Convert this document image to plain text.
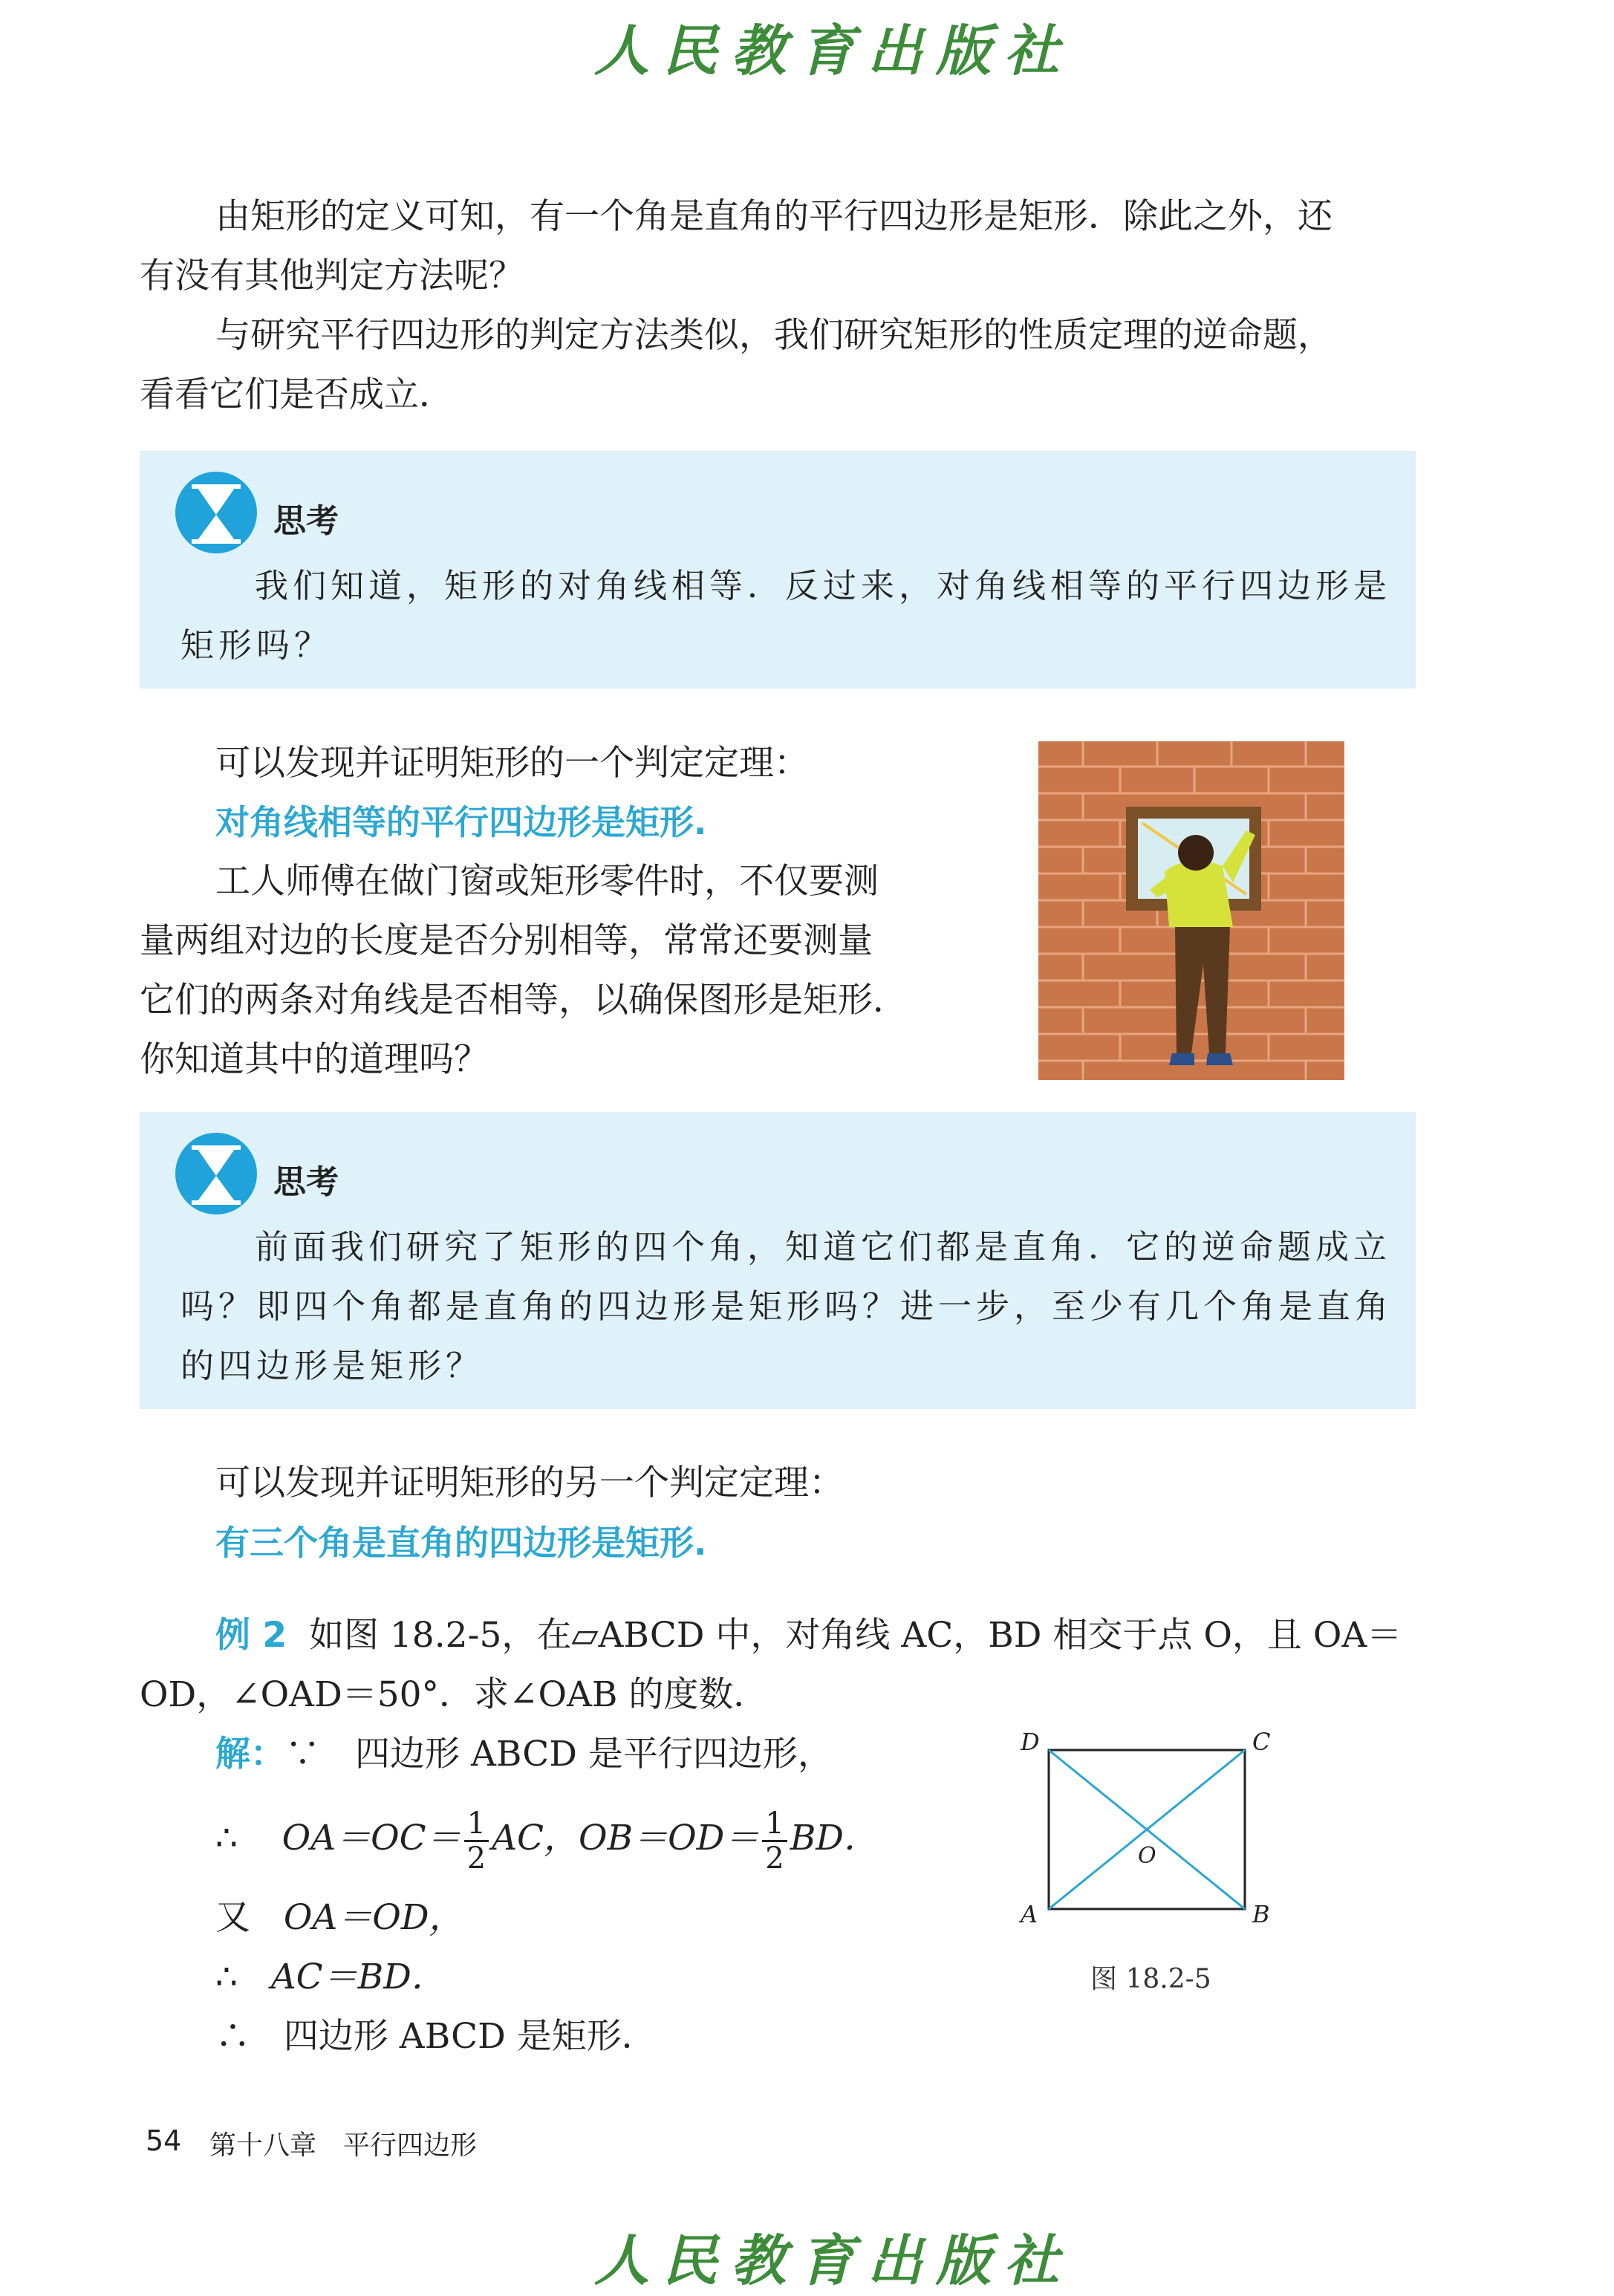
人民教育出版社
由矩形的定义可知，有一个角是直角的平行四边形是矩形．除此之外，还
有没有其他判定方法呢？
与研究平行四边形的判定方法类似，我们研究矩形的性质定理的逆命题，
看看它们是否成立．
思考
我们知道，矩形的对角线相等．反过来，对角线相等的平行四边形是
矩形吗？
可以发现并证明矩形的一个判定定理：
对角线相等的平行四边形是矩形.
工人师傅在做门窗或矩形零件时，不仅要测
量两组对边的长度是否分别相等，常常还要测量
它们的两条对角线是否相等，以确保图形是矩形．
你知道其中的道理吗？
思考
前面我们研究了矩形的四个角，知道它们都是直角．它的逆命题成立
吗？即四个角都是直角的四边形是矩形吗？进一步，至少有几个角是直角
的四边形是矩形？
可以发现并证明矩形的另一个判定定理：
有三个角是直角的四边形是矩形.
例 2 如图 18.2-5，在▱ABCD 中，对角线 AC，BD 相交于点 O，且 OA＝
OD，∠OAD＝50°．求∠OAB 的度数．
解：∵　四边形 ABCD 是平行四边形，
∴ $OA=OC= \frac{1}{2}$ AC，$OB=OD= \frac{1}{2}$ BD．
又 OA＝OD，
∴ AC＝BD．
∴ 四边形 ABCD 是矩形．
D	C
A	B
O
图 18.2-5
54 第十八章　平行四边形
人民教育出版社
